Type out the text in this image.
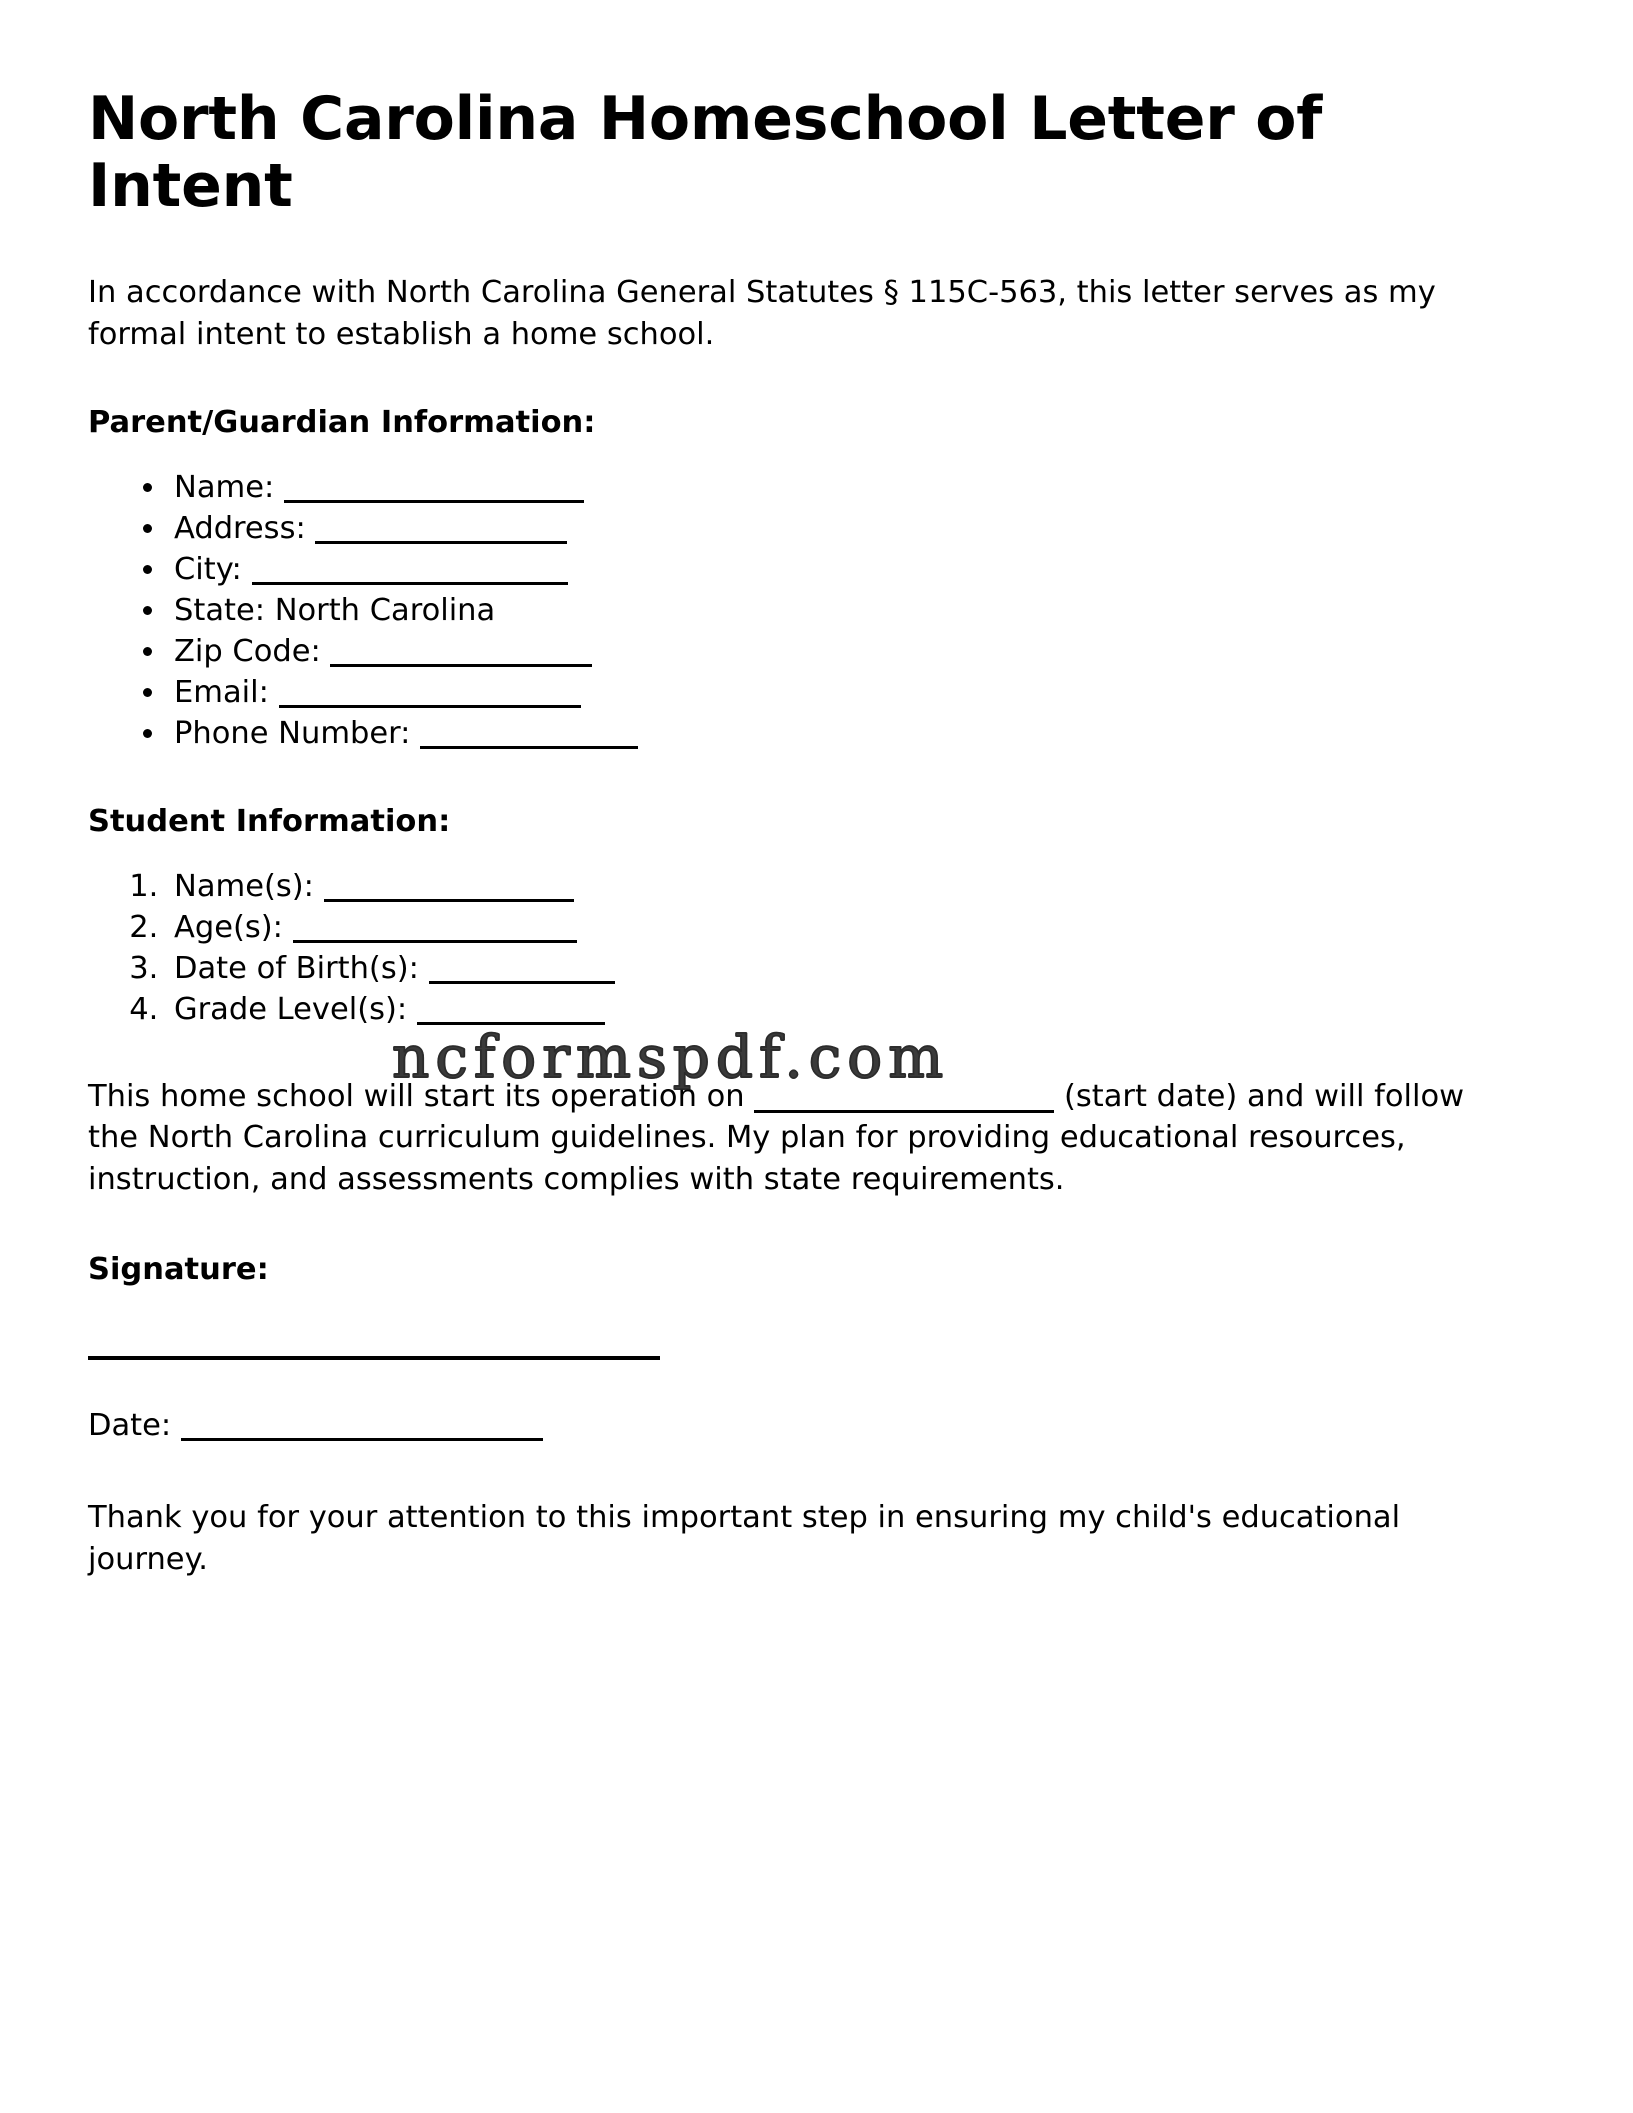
North Carolina Homeschool Letter of Intent

In accordance with North Carolina General Statutes § 115C-563, this letter serves as my formal intent to establish a home school.

Parent/Guardian Information:
• Name:
• Address:
• City:
• State: North Carolina
• Zip Code:
• Email:
• Phone Number:
Student Information:
1. Name(s):
2. Age(s):
3. Date of Birth(s):
4. Grade Level(s):

This home school will start its operation on	(start date) and will follow the North Carolina curriculum guidelines. My plan for providing educational resources, instruction, and assessments complies with state requirements.

Signature:
Date:

Thank you for your attention to this important step in ensuring my child's educational journey.

ncformspdf.com
